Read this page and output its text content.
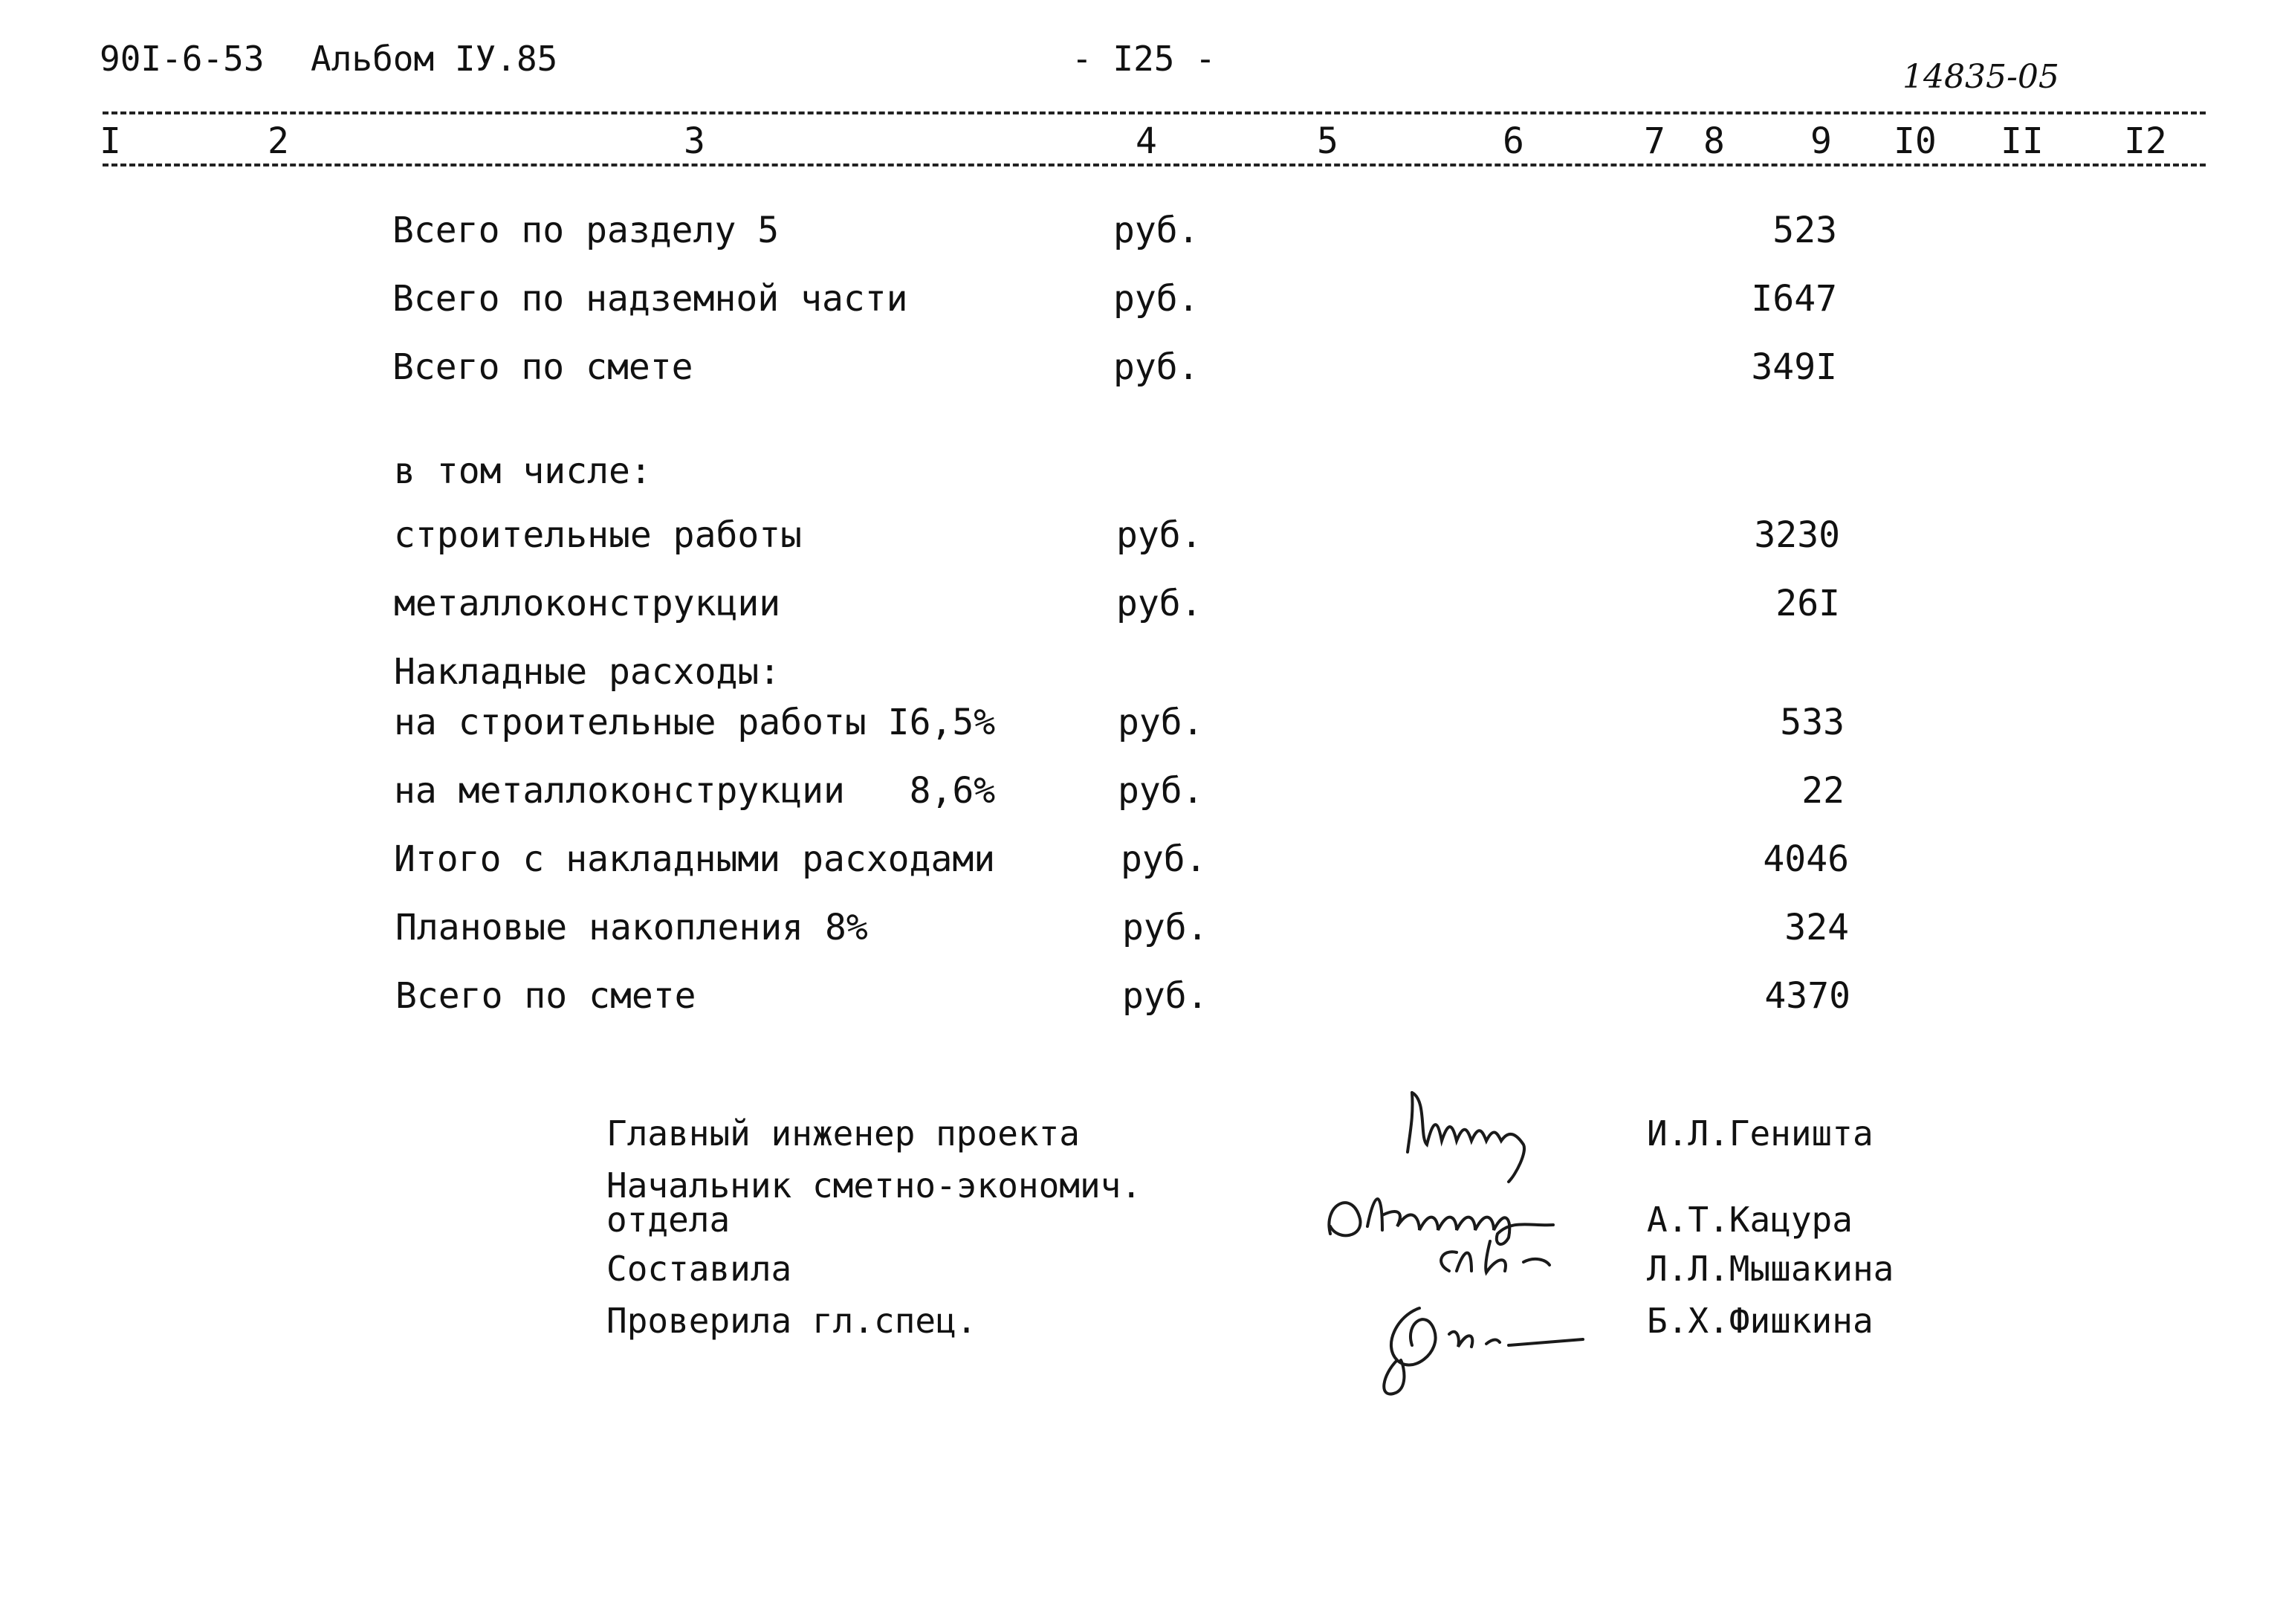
90I-6-53 Альбом IУ.85	- I25 -	14835-05
I	2	3	4	5	6	7 8 9 I0 II I2
Всего по разделу 5	руб.	523
Всего по надземной части	руб.	I647
Всего по смете	руб.	349I
в том числе:
строительные работы	руб.	3230
металлоконструкции	руб.	26I
Накладные расходы:
на строительные работы I6,5%	руб.	533
на металлоконструкции   8,6%	руб.	22
Итого с накладными расходами	руб.	4046
Плановые накопления 8%	руб.	324
Всего по смете	руб.	4370
Главный инженер проекта	И.Л.Геништа
Начальник сметно-экономич.
отдела	А.Т.Кацура
Составила	Л.Л.Мышакина
Проверила гл.спец.	Б.Х.Фишкина
